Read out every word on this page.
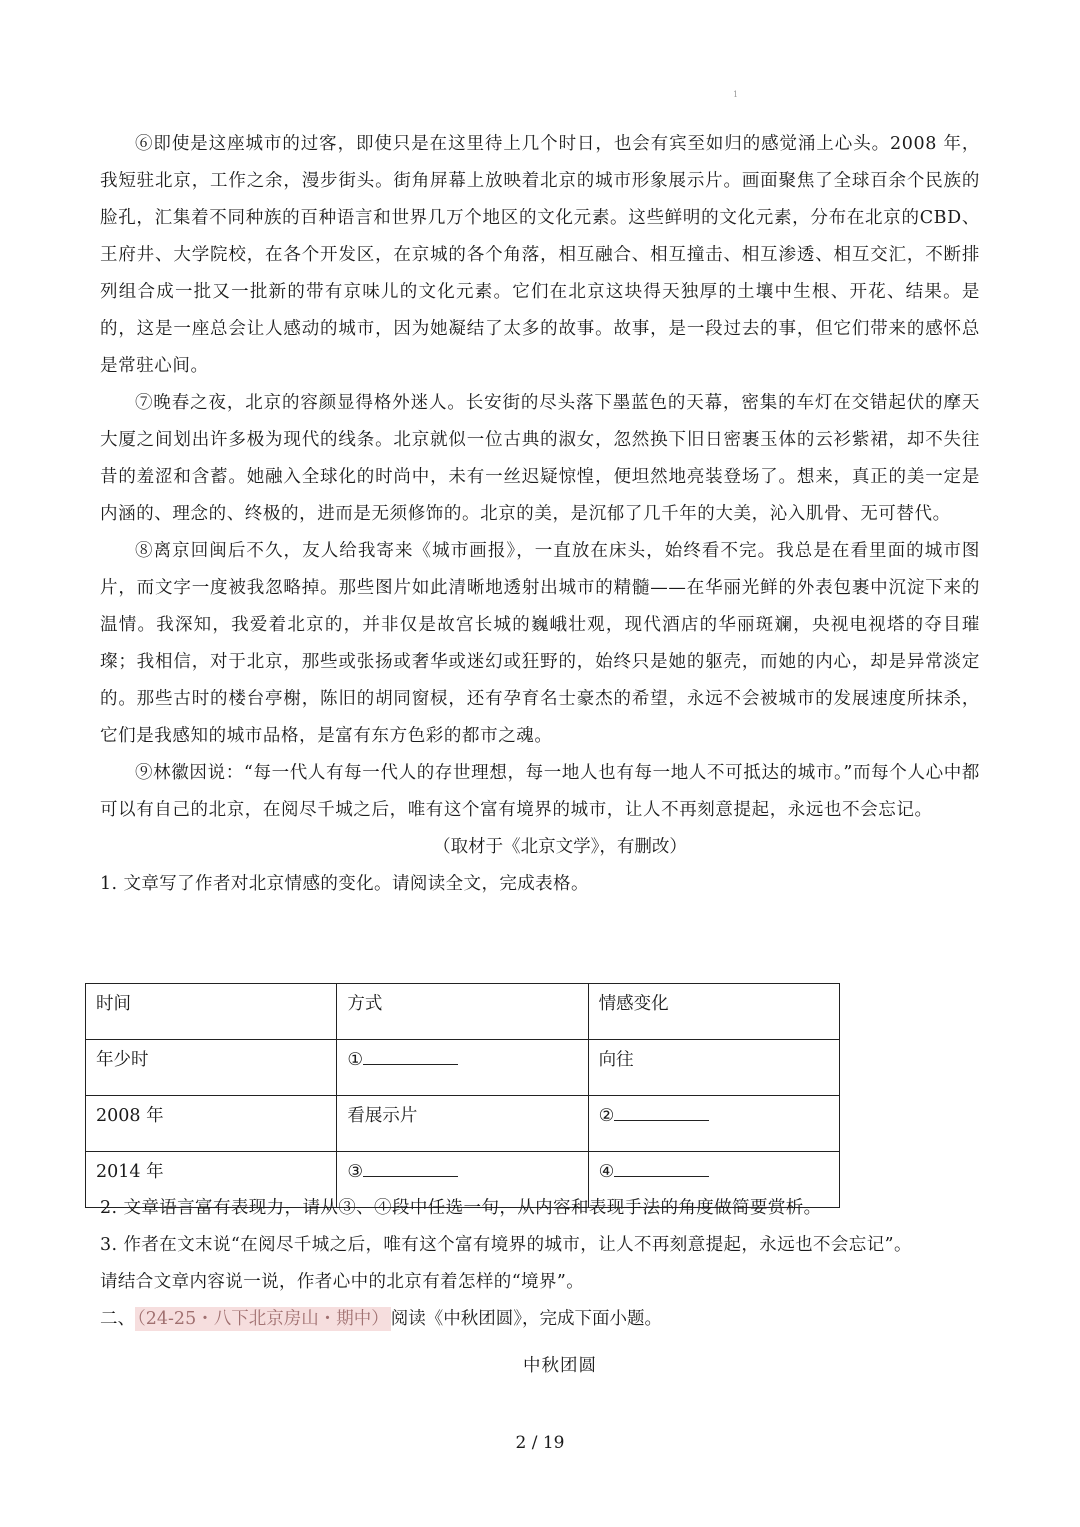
1

⑥即使是这座城市的过客，即使只是在这里待上几个时日，也会有宾至如归的感觉涌上心头。2008 年，我短驻北京，工作之余，漫步街头。街角屏幕上放映着北京的城市形象展示片。画面聚焦了全球百余个民族的脸孔，汇集着不同种族的百种语言和世界几万个地区的文化元素。这些鲜明的文化元素，分布在北京的CBD、王府井、大学院校，在各个开发区，在京城的各个角落，相互融合、相互撞击、相互渗透、相互交汇，不断排列组合成一批又一批新的带有京味儿的文化元素。它们在北京这块得天独厚的土壤中生根、开花、结果。是的，这是一座总会让人感动的城市，因为她凝结了太多的故事。故事，是一段过去的事，但它们带来的感怀总是常驻心间。

⑦晚春之夜，北京的容颜显得格外迷人。长安街的尽头落下墨蓝色的天幕，密集的车灯在交错起伏的摩天大厦之间划出许多极为现代的线条。北京就似一位古典的淑女，忽然换下旧日密裹玉体的云衫紫裙，却不失往昔的羞涩和含蓄。她融入全球化的时尚中，未有一丝迟疑惊惶，便坦然地亮装登场了。想来，真正的美一定是内涵的、理念的、终极的，进而是无须修饰的。北京的美，是沉郁了几千年的大美，沁入肌骨、无可替代。

⑧离京回闽后不久，友人给我寄来《城市画报》，一直放在床头，始终看不完。我总是在看里面的城市图片，而文字一度被我忽略掉。那些图片如此清晰地透射出城市的精髓——在华丽光鲜的外表包裹中沉淀下来的温情。我深知，我爱着北京的，并非仅是故宫长城的巍峨壮观，现代酒店的华丽斑斓，央视电视塔的夺目璀璨；我相信，对于北京，那些或张扬或奢华或迷幻或狂野的，始终只是她的躯壳，而她的内心，却是异常淡定的。那些古时的楼台亭榭，陈旧的胡同窗棂，还有孕育名士豪杰的希望，永远不会被城市的发展速度所抹杀，它们是我感知的城市品格，是富有东方色彩的都市之魂。

⑨林徽因说：“每一代人有每一代人的存世理想，每一地人也有每一地人不可抵达的城市。”而每个人心中都可以有自己的北京，在阅尽千城之后，唯有这个富有境界的城市，让人不再刻意提起，永远也不会忘记。

（取材于《北京文学》，有删改）

1. 文章写了作者对北京情感的变化。请阅读全文，完成表格。

时间	方式	情感变化
年少时	①	向往
2008 年	看展示片	②
2014 年	③	④

2. 文章语言富有表现力，请从③、④段中任选一句，从内容和表现手法的角度做简要赏析。

3. 作者在文末说“在阅尽千城之后，唯有这个富有境界的城市，让人不再刻意提起，永远也不会忘记”。

请结合文章内容说一说，作者心中的北京有着怎样的“境界”。

二、 （24-25・八下北京房山・期中） 阅读《中秋团圆》，完成下面小题。

中秋团圆
2 / 19
